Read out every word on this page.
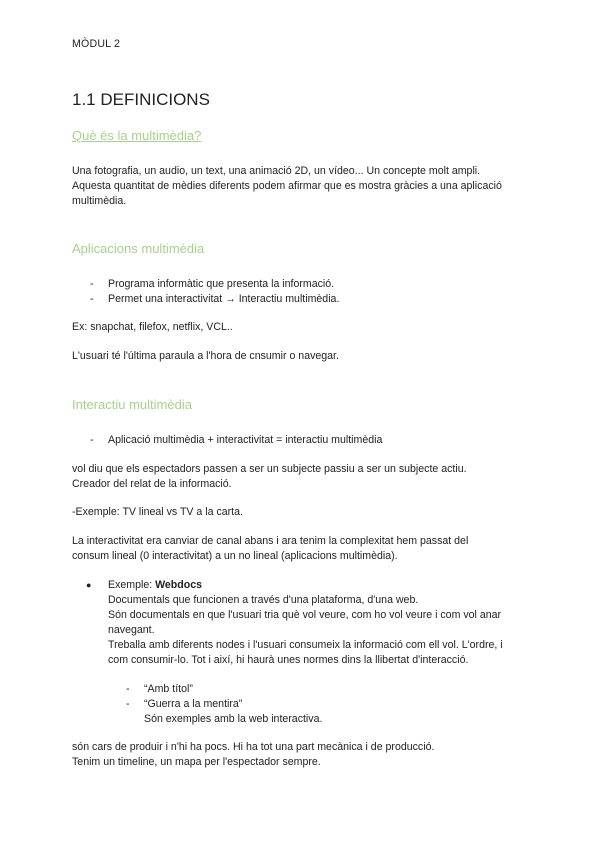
MÒDUL 2
1.1 DEFINICIONS
Què és la multimèdia?
Una fotografia, un audio, un text, una animació 2D, un vídeo... Un concepte molt ampli.
Aquesta quantitat de mèdies diferents podem afirmar que es mostra gràcies a una aplicació
multimèdia.
Aplicacions multimèdia
- Programa informàtic que presenta la informació.
- Permet una interactivitat → Interactiu multimèdia.
Ex: snapchat, filefox, netflix, VCL..
L'usuari té l'última paraula a l'hora de cnsumir o navegar.
Interactiu multimèdia
- Aplicació multimèdia + interactivitat = interactiu multimèdia
vol diu que els espectadors passen a ser un subjecte passiu a ser un subjecte actiu.
Creador del relat de la informació.
-Exemple: TV lineal vs TV a la carta.
La interactivitat era canviar de canal abans i ara tenim la complexitat hem passat del
consum lineal (0 interactivitat) a un no lineal (aplicacions multimèdia).
● Exemple: Webdocs
Documentals que funcionen a través d'una plataforma, d'una web.
Són documentals en que l'usuari tria què vol veure, com ho vol veure i com vol anar
navegant.
Treballa amb diferents nodes i l'usuari consumeix la informació com ell vol. L'ordre, i
com consumir-lo. Tot i així, hi haurà unes normes dins la llibertat d'interacció.
- “Amb títol”
- “Guerra a la mentira”
Són exemples amb la web interactiva.
són cars de produir i n'hi ha pocs. Hi ha tot una part mecànica i de producció.
Tenim un timeline, un mapa per l'espectador sempre.
